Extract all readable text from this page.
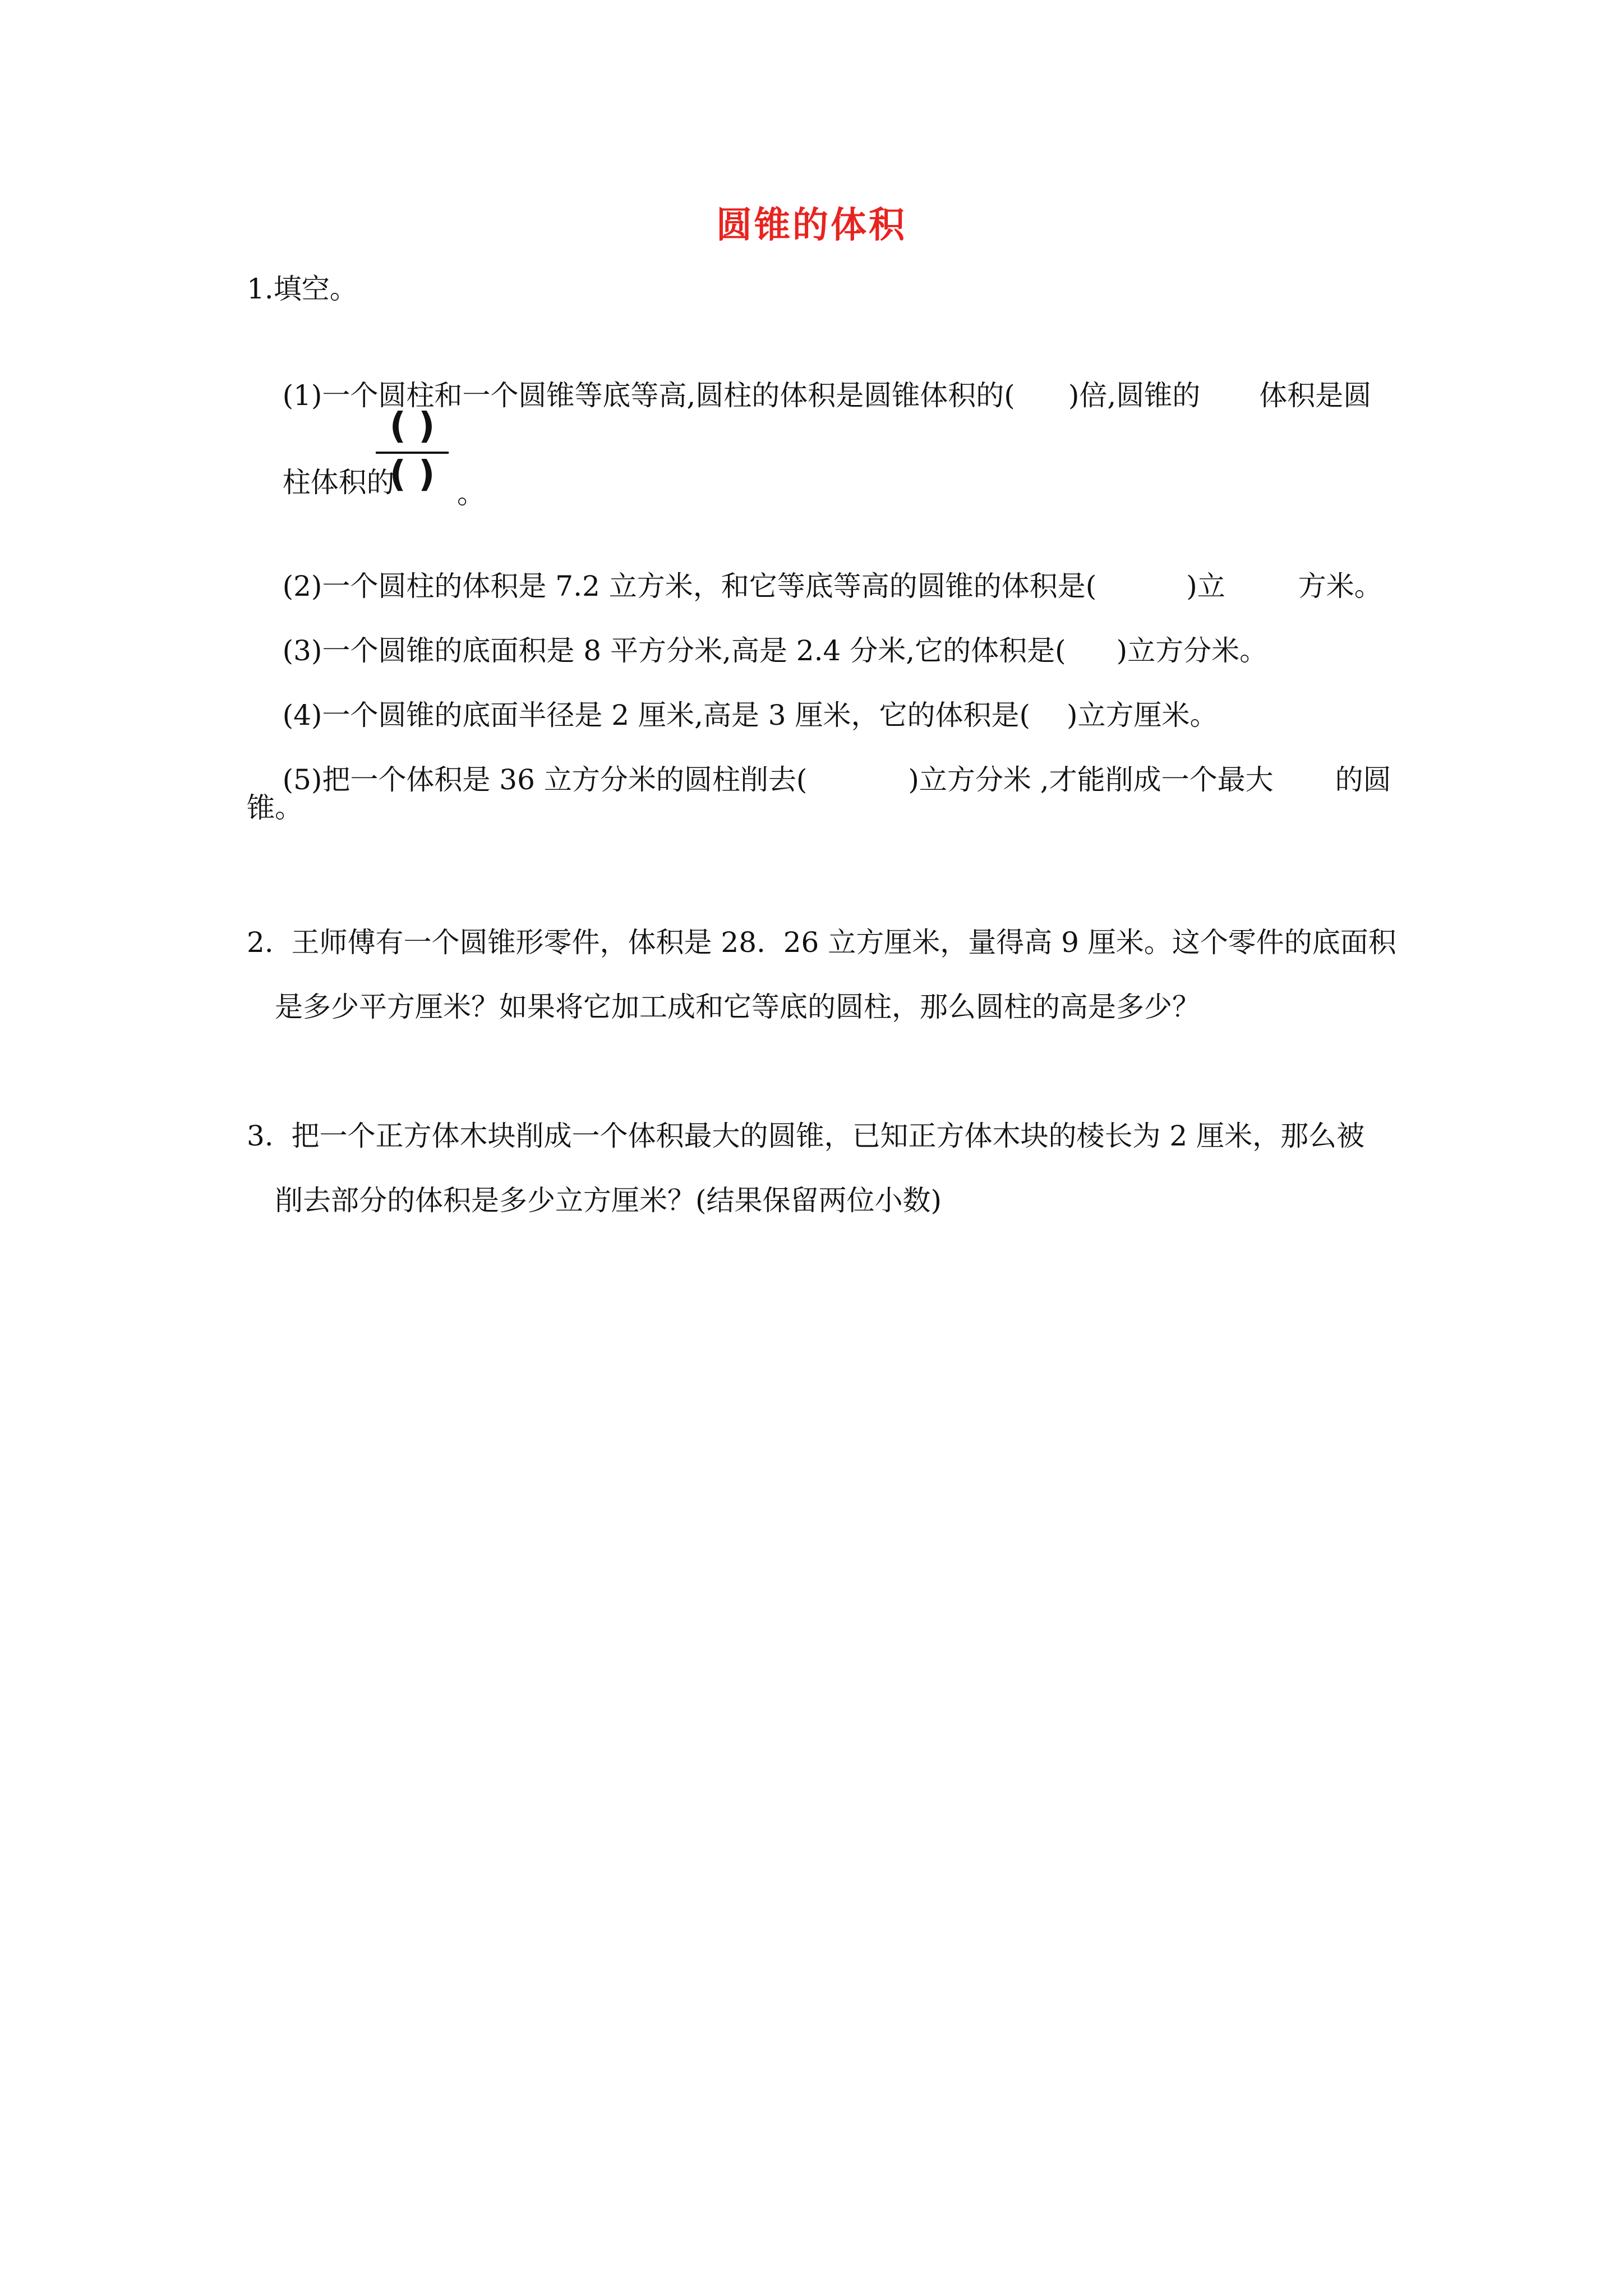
圆锥的体积
1.填空。

(1)一个圆柱和一个圆锥等底等高,圆柱的体积是圆锥体积的( )倍,圆锥的 体积是圆

柱体积的

( )
( ) 。

(2)一个圆柱的体积是 7.2 立方米，和它等底等高的圆锥的体积是(	)立	方米。

(3)一个圆锥的底面积是 8 平方分米,高是 2.4 分米,它的体积是( )立方分米。

(4)一个圆锥的底面半径是 2 厘米,高是 3 厘米，它的体积是( )立方厘米。

(5)把一个体积是 36 立方分米的圆柱削去(	)立方分米 ,才能削成一个最大 的圆

锥。
2.  王师傅有一个圆锥形零件，体积是 28.  26 立方厘米，量得高 9 厘米。这个零件的底面积
是多少平方厘米？如果将它加工成和它等底的圆柱，那么圆柱的高是多少？
3.  把一个正方体木块削成一个体积最大的圆锥，已知正方体木块的棱长为 2 厘米，那么被
削去部分的体积是多少立方厘米？(结果保留两位小数)
